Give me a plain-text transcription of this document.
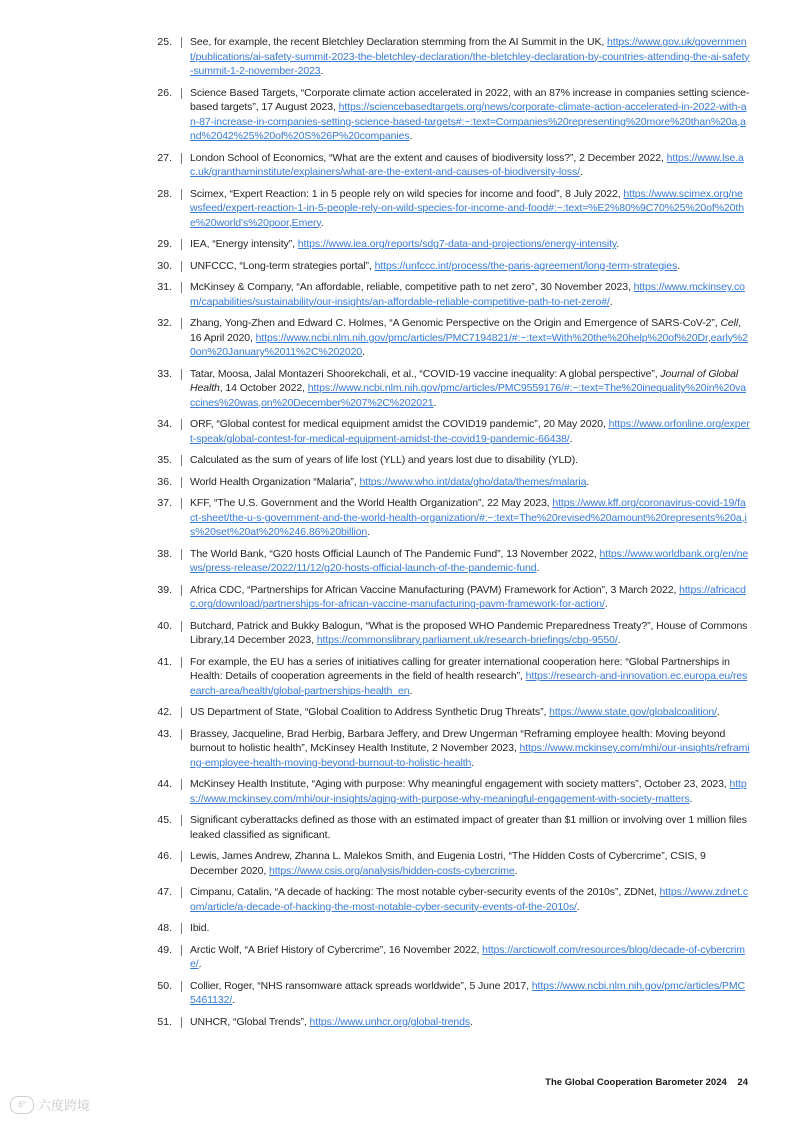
25. See, for example, the recent Bletchley Declaration stemming from the AI Summit in the UK, https://www.gov.uk/government/publications/ai-safety-summit-2023-the-bletchley-declaration/the-bletchley-declaration-by-countries-attending-the-ai-safety-summit-1-2-november-2023.
26. Science Based Targets, “Corporate climate action accelerated in 2022, with an 87% increase in companies setting science-based targets”, 17 August 2023, https://sciencebasedtargets.org/news/corporate-climate-action-accelerated-in-2022-with-an-87-increase-in-companies-setting-science-based-targets#:~:text=Companies%20representing%20more%20than%20a,and%2042%25%20of%20S%26P%20companies.
27. London School of Economics, “What are the extent and causes of biodiversity loss?”, 2 December 2022, https://www.lse.ac.uk/granthaminstitute/explainers/what-are-the-extent-and-causes-of-biodiversity-loss/.
28. Scimex, “Expert Reaction: 1 in 5 people rely on wild species for income and food”, 8 July 2022, https://www.scimex.org/newsfeed/expert-reaction-1-in-5-people-rely-on-wild-species-for-income-and-food#:~:text=%E2%80%9C70%25%20of%20the%20world's%20poor,Emery.
29. IEA, “Energy intensity”, https://www.iea.org/reports/sdg7-data-and-projections/energy-intensity.
30. UNFCCC, “Long-term strategies portal”, https://unfccc.int/process/the-paris-agreement/long-term-strategies.
31. McKinsey & Company, “An affordable, reliable, competitive path to net zero”, 30 November 2023, https://www.mckinsey.com/capabilities/sustainability/our-insights/an-affordable-reliable-competitive-path-to-net-zero#/.
32. Zhang, Yong-Zhen and Edward C. Holmes, “A Genomic Perspective on the Origin and Emergence of SARS-CoV-2”, Cell, 16 April 2020, https://www.ncbi.nlm.nih.gov/pmc/articles/PMC7194821/#:~:text=With%20the%20help%20of%20Dr,early%20on%20January%2011%2C%202020.
33. Tatar, Moosa, Jalal Montazeri Shoorekchali, et al., “COVID-19 vaccine inequality: A global perspective”, Journal of Global Health, 14 October 2022, https://www.ncbi.nlm.nih.gov/pmc/articles/PMC9559176/#:~:text=The%20inequality%20in%20vaccines%20was,on%20December%207%2C%202021.
34. ORF, “Global contest for medical equipment amidst the COVID19 pandemic”, 20 May 2020, https://www.orfonline.org/expert-speak/global-contest-for-medical-equipment-amidst-the-covid19-pandemic-66438/.
35. Calculated as the sum of years of life lost (YLL) and years lost due to disability (YLD).
36. World Health Organization “Malaria”, https://www.who.int/data/gho/data/themes/malaria.
37. KFF, “The U.S. Government and the World Health Organization”, 22 May 2023, https://www.kff.org/coronavirus-covid-19/fact-sheet/the-u-s-government-and-the-world-health-organization/#:~:text=The%20revised%20amount%20represents%20a,is%20set%20at%20%246.86%20billion.
38. The World Bank, “G20 hosts Official Launch of The Pandemic Fund”, 13 November 2022, https://www.worldbank.org/en/news/press-release/2022/11/12/g20-hosts-official-launch-of-the-pandemic-fund.
39. Africa CDC, “Partnerships for African Vaccine Manufacturing (PAVM) Framework for Action”, 3 March 2022, https://africacdc.org/download/partnerships-for-african-vaccine-manufacturing-pavm-framework-for-action/.
40. Butchard, Patrick and Bukky Balogun, “What is the proposed WHO Pandemic Preparedness Treaty?”, House of Commons Library,14 December 2023, https://commonslibrary.parliament.uk/research-briefings/cbp-9550/.
41. For example, the EU has a series of initiatives calling for greater international cooperation here: “Global Partnerships in Health: Details of cooperation agreements in the field of health research”, https://research-and-innovation.ec.europa.eu/research-area/health/global-partnerships-health_en.
42. US Department of State, “Global Coalition to Address Synthetic Drug Threats”, https://www.state.gov/globalcoalition/.
43. Brassey, Jacqueline, Brad Herbig, Barbara Jeffery, and Drew Ungerman “Reframing employee health: Moving beyond burnout to holistic health”, McKinsey Health Institute, 2 November 2023, https://www.mckinsey.com/mhi/our-insights/reframing-employee-health-moving-beyond-burnout-to-holistic-health.
44. McKinsey Health Institute, “Aging with purpose: Why meaningful engagement with society matters”, October 23, 2023, https://www.mckinsey.com/mhi/our-insights/aging-with-purpose-why-meaningful-engagement-with-society-matters.
45. Significant cyberattacks defined as those with an estimated impact of greater than $1 million or involving over 1 million files leaked classified as significant.
46. Lewis, James Andrew, Zhanna L. Malekos Smith, and Eugenia Lostri, “The Hidden Costs of Cybercrime”, CSIS, 9 December 2020, https://www.csis.org/analysis/hidden-costs-cybercrime.
47. Cimpanu, Catalin, “A decade of hacking: The most notable cyber-security events of the 2010s”, ZDNet, https://www.zdnet.com/article/a-decade-of-hacking-the-most-notable-cyber-security-events-of-the-2010s/.
48. Ibid.
49. Arctic Wolf, “A Brief History of Cybercrime”, 16 November 2022, https://arcticwolf.com/resources/blog/decade-of-cybercrime/.
50. Collier, Roger, “NHS ransomware attack spreads worldwide”, 5 June 2017, https://www.ncbi.nlm.nih.gov/pmc/articles/PMC5461132/.
51. UNHCR, “Global Trends”, https://www.unhcr.org/global-trends.
The Global Cooperation Barometer 2024 24
6° 六度跨境
